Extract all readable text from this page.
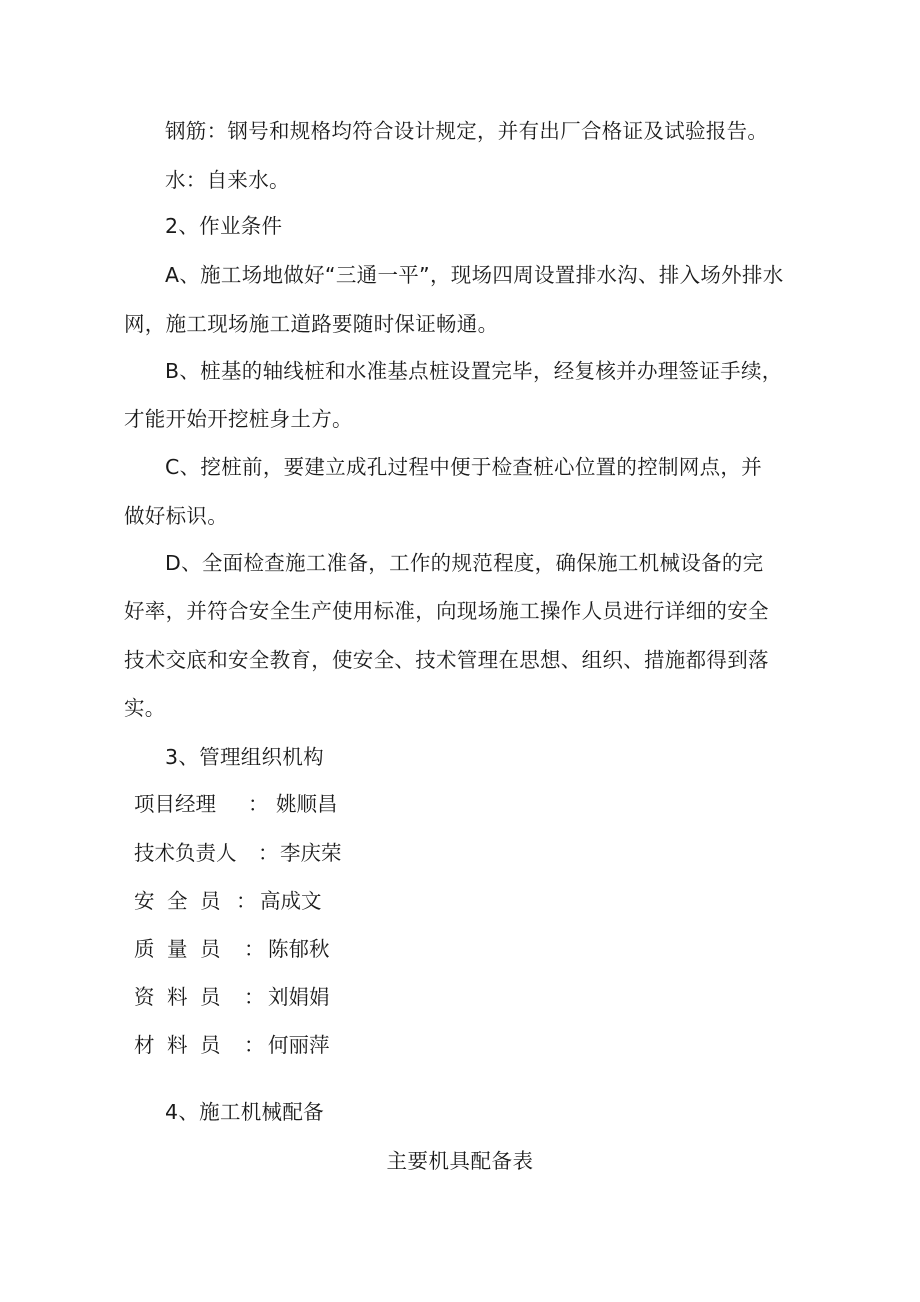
钢筋：钢号和规格均符合设计规定，并有出厂合格证及试验报告。
水：自来水。
2、作业条件
A、施工场地做好“三通一平”，现场四周设置排水沟、排入场外排水
网，施工现场施工道路要随时保证畅通。
B、桩基的轴线桩和水准基点桩设置完毕，经复核并办理签证手续，
才能开始开挖桩身土方。
C、挖桩前，要建立成孔过程中便于检查桩心位置的控制网点，并
做好标识。
D、全面检查施工准备，工作的规范程度，确保施工机械设备的完
好率，并符合安全生产使用标准，向现场施工操作人员进行详细的安全
技术交底和安全教育，使安全、技术管理在思想、组织、措施都得到落
实。
3、管理组织机构
项目经理 ： 姚顺昌
技术负责人 ：李庆荣
安 全 员 ： 高成文
质 量 员 ： 陈郁秋
资 料 员 ： 刘娟娟
材 料 员 ： 何丽萍
4、施工机械配备
主要机具配备表
